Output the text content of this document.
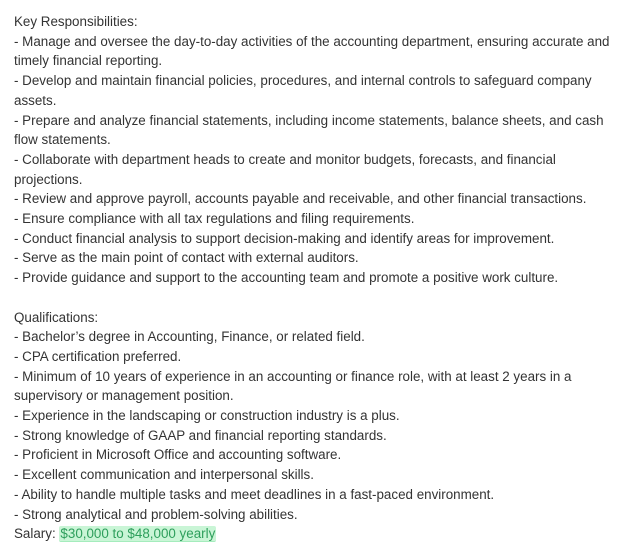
Key Responsibilities:

- Manage and oversee the day-to-day activities of the accounting department, ensuring accurate and timely financial reporting.

- Develop and maintain financial policies, procedures, and internal controls to safeguard company assets.

- Prepare and analyze financial statements, including income statements, balance sheets, and cash flow statements.

- Collaborate with department heads to create and monitor budgets, forecasts, and financial projections.

- Review and approve payroll, accounts payable and receivable, and other financial transactions.

- Ensure compliance with all tax regulations and filing requirements.

- Conduct financial analysis to support decision-making and identify areas for improvement.

- Serve as the main point of contact with external auditors.

- Provide guidance and support to the accounting team and promote a positive work culture.

Qualifications:

- Bachelor’s degree in Accounting, Finance, or related field.

- CPA certification preferred.

- Minimum of 10 years of experience in an accounting or finance role, with at least 2 years in a supervisory or management position.

- Experience in the landscaping or construction industry is a plus.

- Strong knowledge of GAAP and financial reporting standards.

- Proficient in Microsoft Office and accounting software.

- Excellent communication and interpersonal skills.

- Ability to handle multiple tasks and meet deadlines in a fast-paced environment.

- Strong analytical and problem-solving abilities.

Salary: $30,000 to $48,000 yearly
